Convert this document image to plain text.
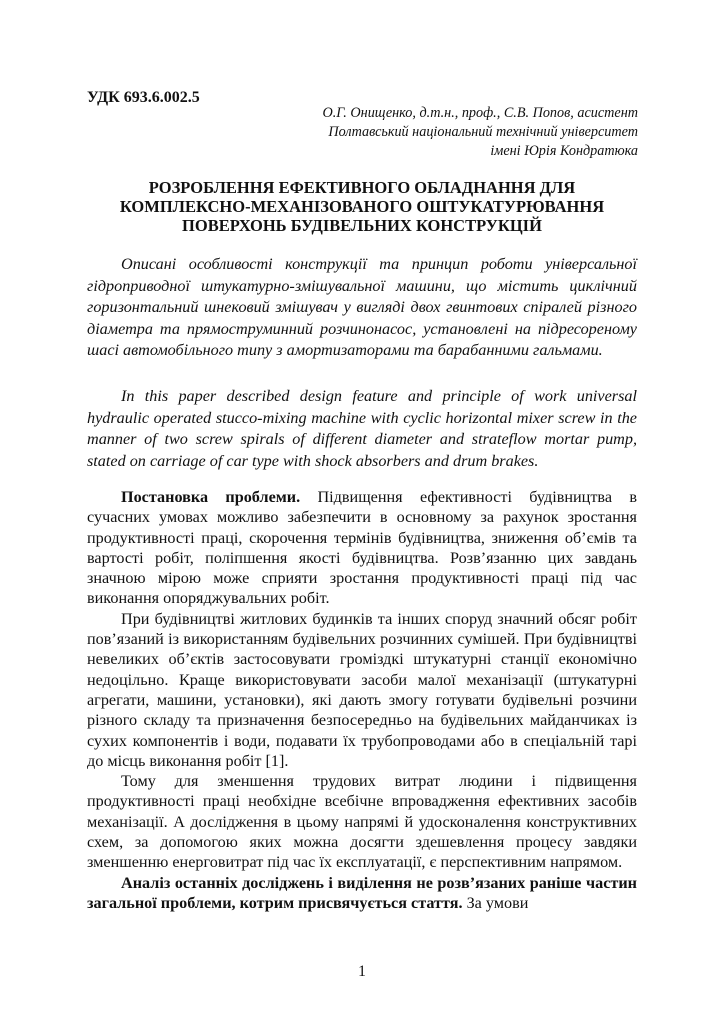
УДК 693.6.002.5
О.Г. Онищенко, д.т.н., проф., С.В. Попов, асистент
Полтавський національний технічний університет
імені Юрія Кондратюка
РОЗРОБЛЕННЯ ЕФЕКТИВНОГО ОБЛАДНАННЯ ДЛЯ
КОМПЛЕКСНО-МЕХАНІЗОВАНОГО ОШТУКАТУРЮВАННЯ
ПОВЕРХОНЬ БУДІВЕЛЬНИХ КОНСТРУКЦІЙ

Описані особливості конструкції та принцип роботи універсальної гідроприводної штукатурно-змішувальної машини, що містить циклічний горизонтальний шнековий змішувач у вигляді двох гвинтових спіралей різного діаметра та прямоструминний розчинонасос, установлені на підресореному шасі автомобільного типу з амортизаторами та барабанними гальмами.

In this paper described design feature and principle of work universal hydraulic operated stucco-mixing machine with cyclic horizontal mixer screw in the manner of two screw spirals of different diameter and strateflow mortar pump, stated on carriage of car type with shock absorbers and drum brakes.

Постановка проблеми. Підвищення ефективності будівництва в сучасних умовах можливо забезпечити в основному за рахунок зростання продуктивності праці, скорочення термінів будівництва, зниження об’ємів та вартості робіт, поліпшення якості будівництва. Розв’язанню цих завдань значною мірою може сприяти зростання продуктивності праці під час виконання опоряджувальних робіт.

При будівництві житлових будинків та інших споруд значний обсяг робіт пов’язаний із використанням будівельних розчинних сумішей. При будівництві невеликих об’єктів застосовувати громіздкі штукатурні станції економічно недоцільно. Краще використовувати засоби малої механізації (штукатурні агрегати, машини, установки), які дають змогу готувати будівельні розчини різного складу та призначення безпосередньо на будівельних майданчиках із сухих компонентів і води, подавати їх трубопроводами або в спеціальній тарі до місць виконання робіт [1].

Тому для зменшення трудових витрат людини і підвищення продуктивності праці необхідне всебічне впровадження ефективних засобів механізації. А дослідження в цьому напрямі й удосконалення конструктивних схем, за допомогою яких можна досягти здешевлення процесу завдяки зменшенню енерговитрат під час їх експлуатації, є перспективним напрямом.

Аналіз останніх досліджень і виділення не розв’язаних раніше частин загальної проблеми, котрим присвячується стаття. За умови

1
